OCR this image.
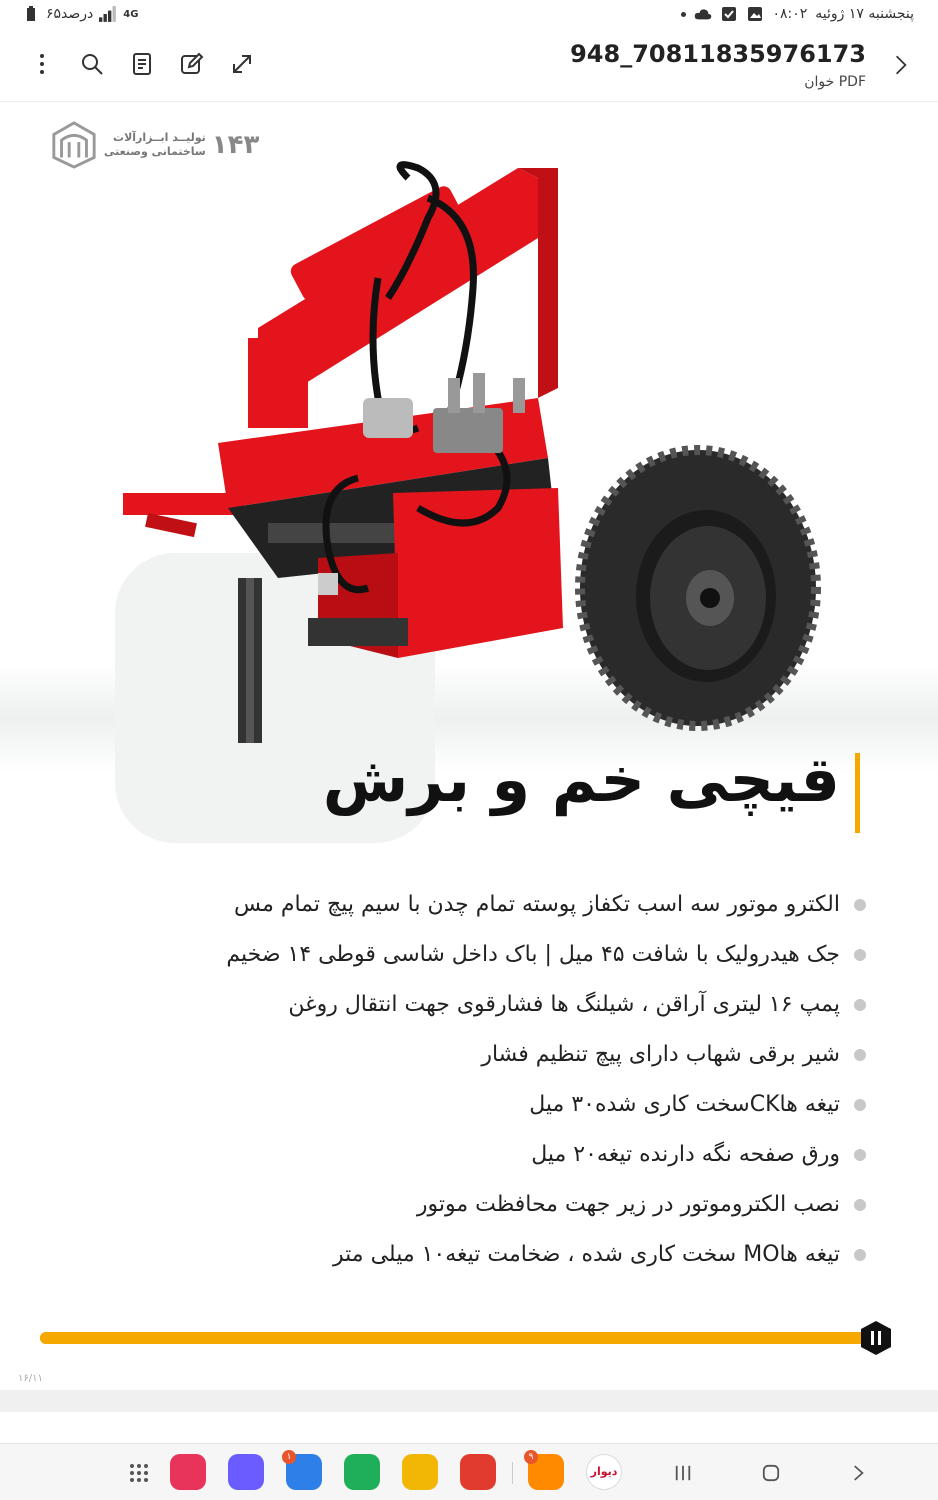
۶۵درصد	4G	پنجشنبه ۱۷ ژوئیه
۰۸:۰۲
948_70811835976173
PDF خوان
تولیــد ابــزارآلات
ساختمانی وصنعتی ۱۴۳
قیچی خم و برش
الکترو موتور سه اسب تکفاز پوسته تمام چدن با سیم پیچ تمام مس
جک هیدرولیک با شافت ۴۵ میل | باک داخل شاسی قوطی ۱۴ ضخیم
پمپ ۱۶ لیتری آراقن ، شیلنگ ها فشارقوی جهت انتقال روغن
شیر برقی شهاب دارای پیچ تنظیم فشار
تیغه هاCKسخت کاری شده۳۰ میل
ورق صفحه نگه دارنده تیغه۲۰ میل
نصب الکتروموتور در زیر جهت محافظت موتور
تیغه هاMO سخت کاری شده ، ضخامت تیغه۱۰ میلی متر
۱۶/۱۱
۱	۹
دیوار
